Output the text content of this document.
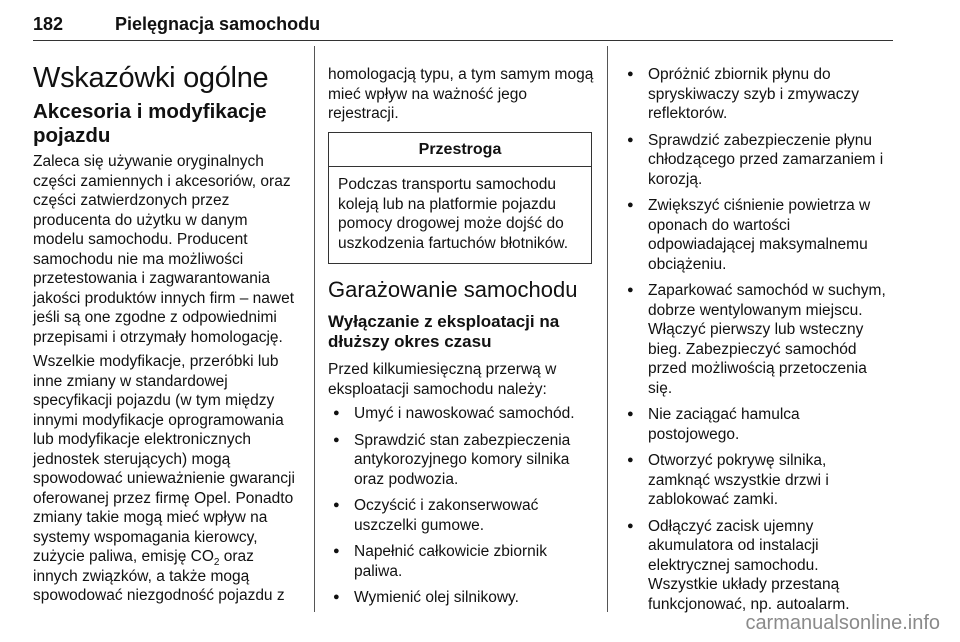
182	Pielęgnacja samochodu
Wskazówki ogólne
Akcesoria i modyfikacje pojazdu

Zaleca się używanie oryginalnych części zamiennych i akcesoriów, oraz części zatwierdzonych przez producenta do użytku w danym modelu samochodu. Producent samochodu nie ma możliwości przetestowania i zagwarantowania jakości produktów innych firm – nawet jeśli są one zgodne z odpowiednimi przepisami i otrzymały homologację.

Wszelkie modyfikacje, przeróbki lub inne zmiany w standardowej specyfikacji pojazdu (w tym między innymi modyfikacje oprogramowania lub modyfikacje elektronicznych jednostek sterujących) mogą spowodować unieważnienie gwarancji oferowanej przez firmę Opel. Ponadto zmiany takie mogą mieć wpływ na systemy wspomagania kierowcy, zużycie paliwa, emisję $CO_2$ oraz innych związków, a także mogą spowodować niezgodność pojazdu z

homologacją typu, a tym samym mogą mieć wpływ na ważność jego rejestracji.

Przestroga
Podczas transportu samochodu koleją lub na platformie pojazdu pomocy drogowej może dojść do uszkodzenia fartuchów błotników.
Garażowanie samochodu
Wyłączanie z eksploatacji na dłuższy okres czasu

Przed kilkumiesięczną przerwą w eksploatacji samochodu należy:

● Umyć i nawoskować samochód.
● Sprawdzić stan zabezpieczenia antykorozyjnego komory silnika oraz podwozia.
● Oczyścić i zakonserwować uszczelki gumowe.
● Napełnić całkowicie zbiornik paliwa.
● Wymienić olej silnikowy.
● Opróżnić zbiornik płynu do spryskiwaczy szyb i zmywaczy reflektorów.
● Sprawdzić zabezpieczenie płynu chłodzącego przed zamarzaniem i korozją.
● Zwiększyć ciśnienie powietrza w oponach do wartości odpowiadającej maksymalnemu obciążeniu.
● Zaparkować samochód w suchym, dobrze wentylowanym miejscu. Włączyć pierwszy lub wsteczny bieg. Zabezpieczyć samochód przed możliwością przetoczenia się.
● Nie zaciągać hamulca postojowego.
● Otworzyć pokrywę silnika, zamknąć wszystkie drzwi i zablokować zamki.
● Odłączyć zacisk ujemny akumulatora od instalacji elektrycznej samochodu. Wszystkie układy przestaną funkcjonować, np. autoalarm.
carmanualsonline.info
